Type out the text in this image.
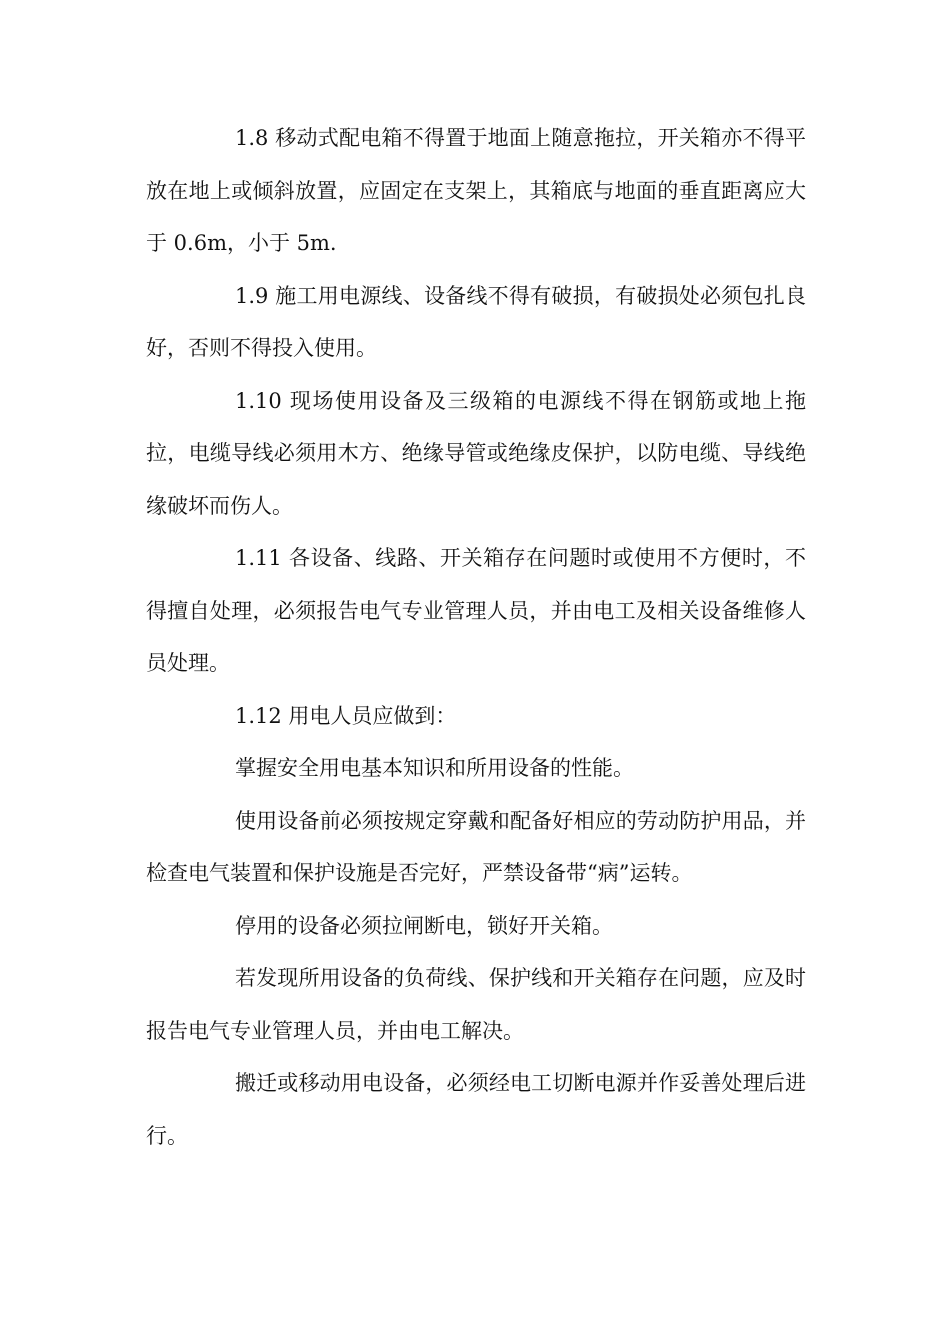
1.8 移动式配电箱不得置于地面上随意拖拉，开关箱亦不得平放在地上或倾斜放置，应固定在支架上，其箱底与地面的垂直距离应大于 0.6m，小于 5m.

1.9 施工用电源线、设备线不得有破损，有破损处必须包扎良好，否则不得投入使用。

1.10 现场使用设备及三级箱的电源线不得在钢筋或地上拖拉，电缆导线必须用木方、绝缘导管或绝缘皮保护，以防电缆、导线绝缘破坏而伤人。

1.11 各设备、线路、开关箱存在问题时或使用不方便时，不得擅自处理，必须报告电气专业管理人员，并由电工及相关设备维修人员处理。

1.12 用电人员应做到：

掌握安全用电基本知识和所用设备的性能。

使用设备前必须按规定穿戴和配备好相应的劳动防护用品，并检查电气装置和保护设施是否完好，严禁设备带“病”运转。

停用的设备必须拉闸断电，锁好开关箱。

若发现所用设备的负荷线、保护线和开关箱存在问题，应及时报告电气专业管理人员，并由电工解决。

搬迁或移动用电设备，必须经电工切断电源并作妥善处理后进行。
